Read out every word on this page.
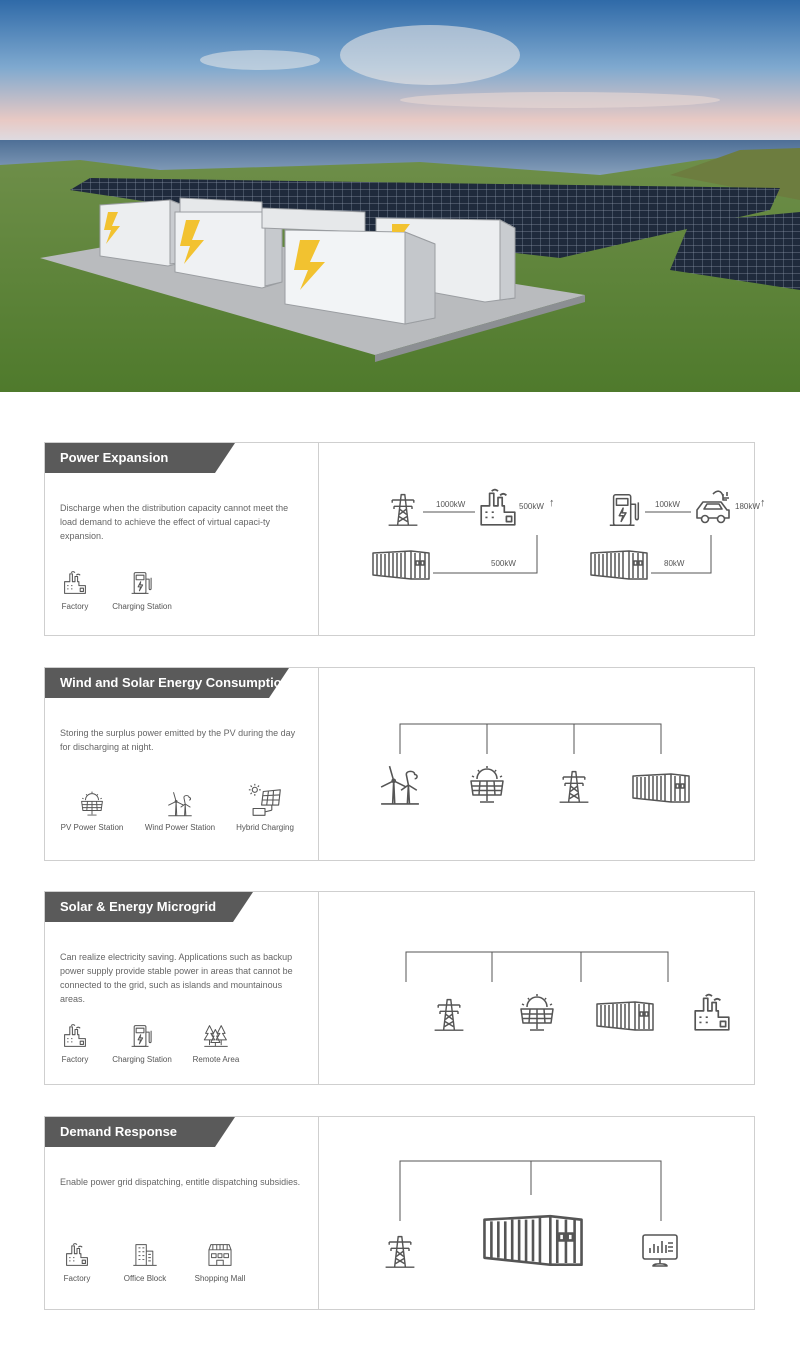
Power Expansion
Discharge when the distribution capacity cannot meet the load demand to achieve the effect of virtual capaci-ty expansion.
Factory	Charging Station
1000kW	500kW ↑
500kW
100kW	180kW ↑
80kW
Wind and Solar Energy Consumption
Storing the surplus power emitted by the PV during the day for discharging at night.
PV Power Station	Wind Power Station	Hybrid Charging
Solar & Energy Microgrid
Can realize electricity saving. Applications such as backup power supply provide stable power in areas that cannot be connected to the grid, such as islands and mountainous areas.
Factory	Charging Station	Remote Area
Demand Response
Enable power grid dispatching, entitle dispatching subsidies.
Factory	Office Block	Shopping Mall
